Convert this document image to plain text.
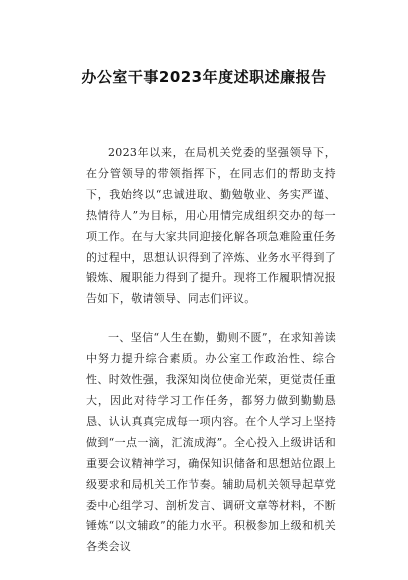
办公室干事2023年度述职述廉报告

2023年以来，在局机关党委的坚强领导下，在分管领导的带领指挥下，在同志们的帮助支持下，我始终以“忠诚进取、勤勉敬业、务实严谨、热情待人”为目标，用心用情完成组织交办的每一项工作。在与大家共同迎接化解各项急难险重任务的过程中，思想认识得到了淬炼、业务水平得到了锻炼、履职能力得到了提升。现将工作履职情况报告如下，敬请领导、同志们评议。

一、坚信“人生在勤，勤则不匮”，在求知善读中努力提升综合素质。办公室工作政治性、综合性、时效性强，我深知岗位使命光荣，更觉责任重大，因此对待学习工作任务，都努力做到勤勤恳恳、认认真真完成每一项内容。在个人学习上坚持做到“一点一滴，汇流成海”。全心投入上级讲话和重要会议精神学习，确保知识储备和思想站位跟上级要求和局机关工作节奏。辅助局机关领导起草党委中心组学习、剖析发言、调研文章等材料，不断锤炼“以文辅政”的能力水平。积极参加上级和机关各类会议
